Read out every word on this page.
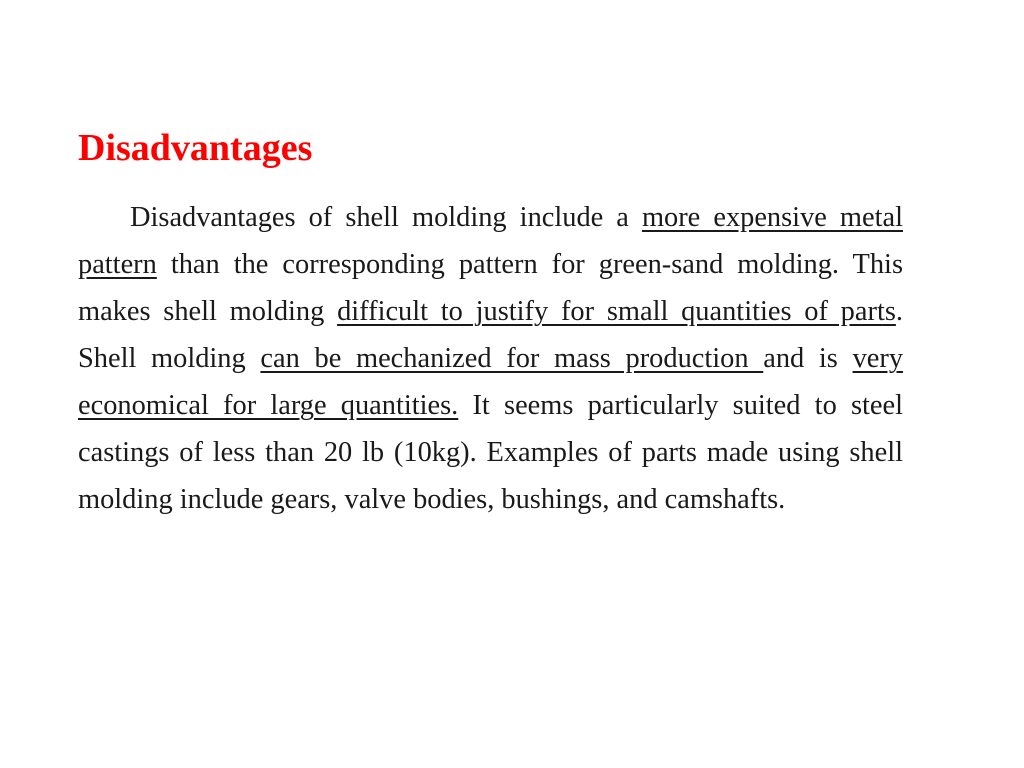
Disadvantages

Disadvantages of shell molding include a more expensive metal pattern than the corresponding pattern for green-sand molding. This makes shell molding difficult to justify for small quantities of parts. Shell molding can be mechanized for mass production and is very economical for large quantities. It seems particularly suited to steel castings of less than 20 lb (10kg). Examples of parts made using shell molding include gears, valve bodies, bushings, and camshafts.
